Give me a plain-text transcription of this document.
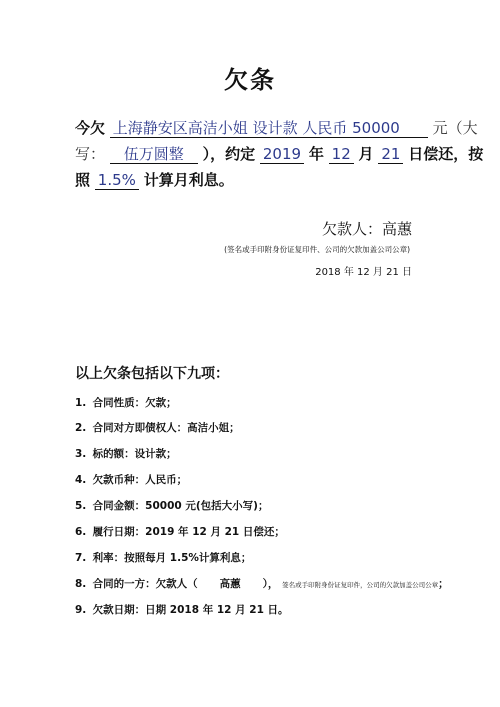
欠条
今欠 上海静安区高洁小姐 设计款 人民币 50000 元（大
写： 伍万圆整 ），约定 2019 年 12 月 21 日偿还，按
照 1.5% 计算月利息。
欠款人：高蕙
(签名或手印附身份证复印件、公司的欠款加盖公司公章)
2018 年 12 月 21 日
以上欠条包括以下九项：
1. 合同性质：欠款；
2. 合同对方即债权人：高洁小姐；
3. 标的额：设计款；
4. 欠款币种：人民币；
5. 合同金额：50000 元(包括大小写)；
6. 履行日期：2019 年 12 月 21 日偿还；
7. 利率：按照每月 1.5%计算利息；
8. 合同的一方：欠款人（ 高蕙 ）， 签名或手印附身份证复印件，公司的欠款加盖公司公章；
9. 欠款日期：日期 2018 年 12 月 21 日。
